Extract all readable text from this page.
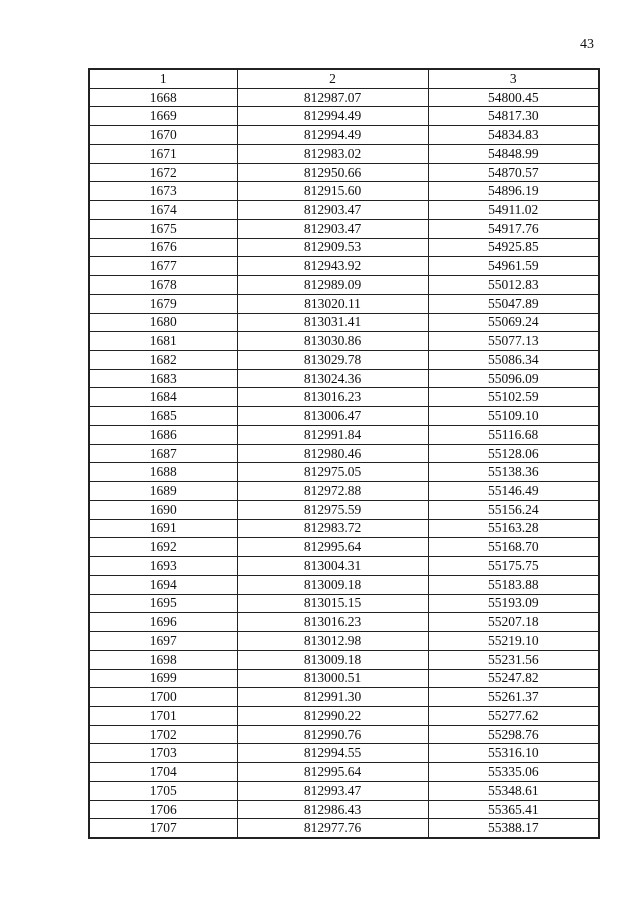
43
1	2	3
1668	812987.07	54800.45
1669	812994.49	54817.30
1670	812994.49	54834.83
1671	812983.02	54848.99
1672	812950.66	54870.57
1673	812915.60	54896.19
1674	812903.47	54911.02
1675	812903.47	54917.76
1676	812909.53	54925.85
1677	812943.92	54961.59
1678	812989.09	55012.83
1679	813020.11	55047.89
1680	813031.41	55069.24
1681	813030.86	55077.13
1682	813029.78	55086.34
1683	813024.36	55096.09
1684	813016.23	55102.59
1685	813006.47	55109.10
1686	812991.84	55116.68
1687	812980.46	55128.06
1688	812975.05	55138.36
1689	812972.88	55146.49
1690	812975.59	55156.24
1691	812983.72	55163.28
1692	812995.64	55168.70
1693	813004.31	55175.75
1694	813009.18	55183.88
1695	813015.15	55193.09
1696	813016.23	55207.18
1697	813012.98	55219.10
1698	813009.18	55231.56
1699	813000.51	55247.82
1700	812991.30	55261.37
1701	812990.22	55277.62
1702	812990.76	55298.76
1703	812994.55	55316.10
1704	812995.64	55335.06
1705	812993.47	55348.61
1706	812986.43	55365.41
1707	812977.76	55388.17
